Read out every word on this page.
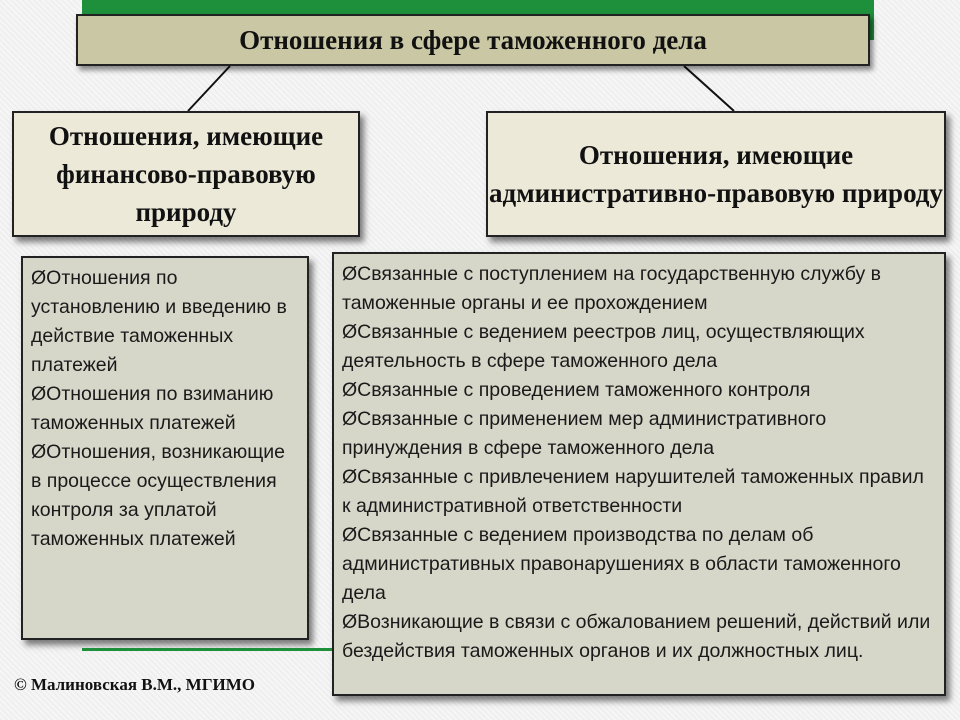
Отношения в сфере таможенного дела
Отношения, имеющие финансово-правовую природу
Отношения, имеющие административно-правовую природу

ØОтношения по установлению и введению в действие таможенных платежей

ØОтношения по взиманию таможенных платежей

ØОтношения, возникающие в процессе осуществления контроля за уплатой таможенных платежей

ØСвязанные с поступлением на государственную службу в таможенные органы и ее прохождением

ØСвязанные с ведением реестров лиц, осуществляющих деятельность в сфере таможенного дела

ØСвязанные с проведением таможенного контроля

ØСвязанные с применением мер административного принуждения в сфере таможенного дела

ØСвязанные с привлечением нарушителей таможенных правил к административной ответственности

ØСвязанные с ведением производства по делам об административных правонарушениях в области таможенного дела

ØВозникающие в связи с обжалованием решений, действий или бездействия таможенных органов и их должностных лиц.

© Малиновская В.М., МГИМО
